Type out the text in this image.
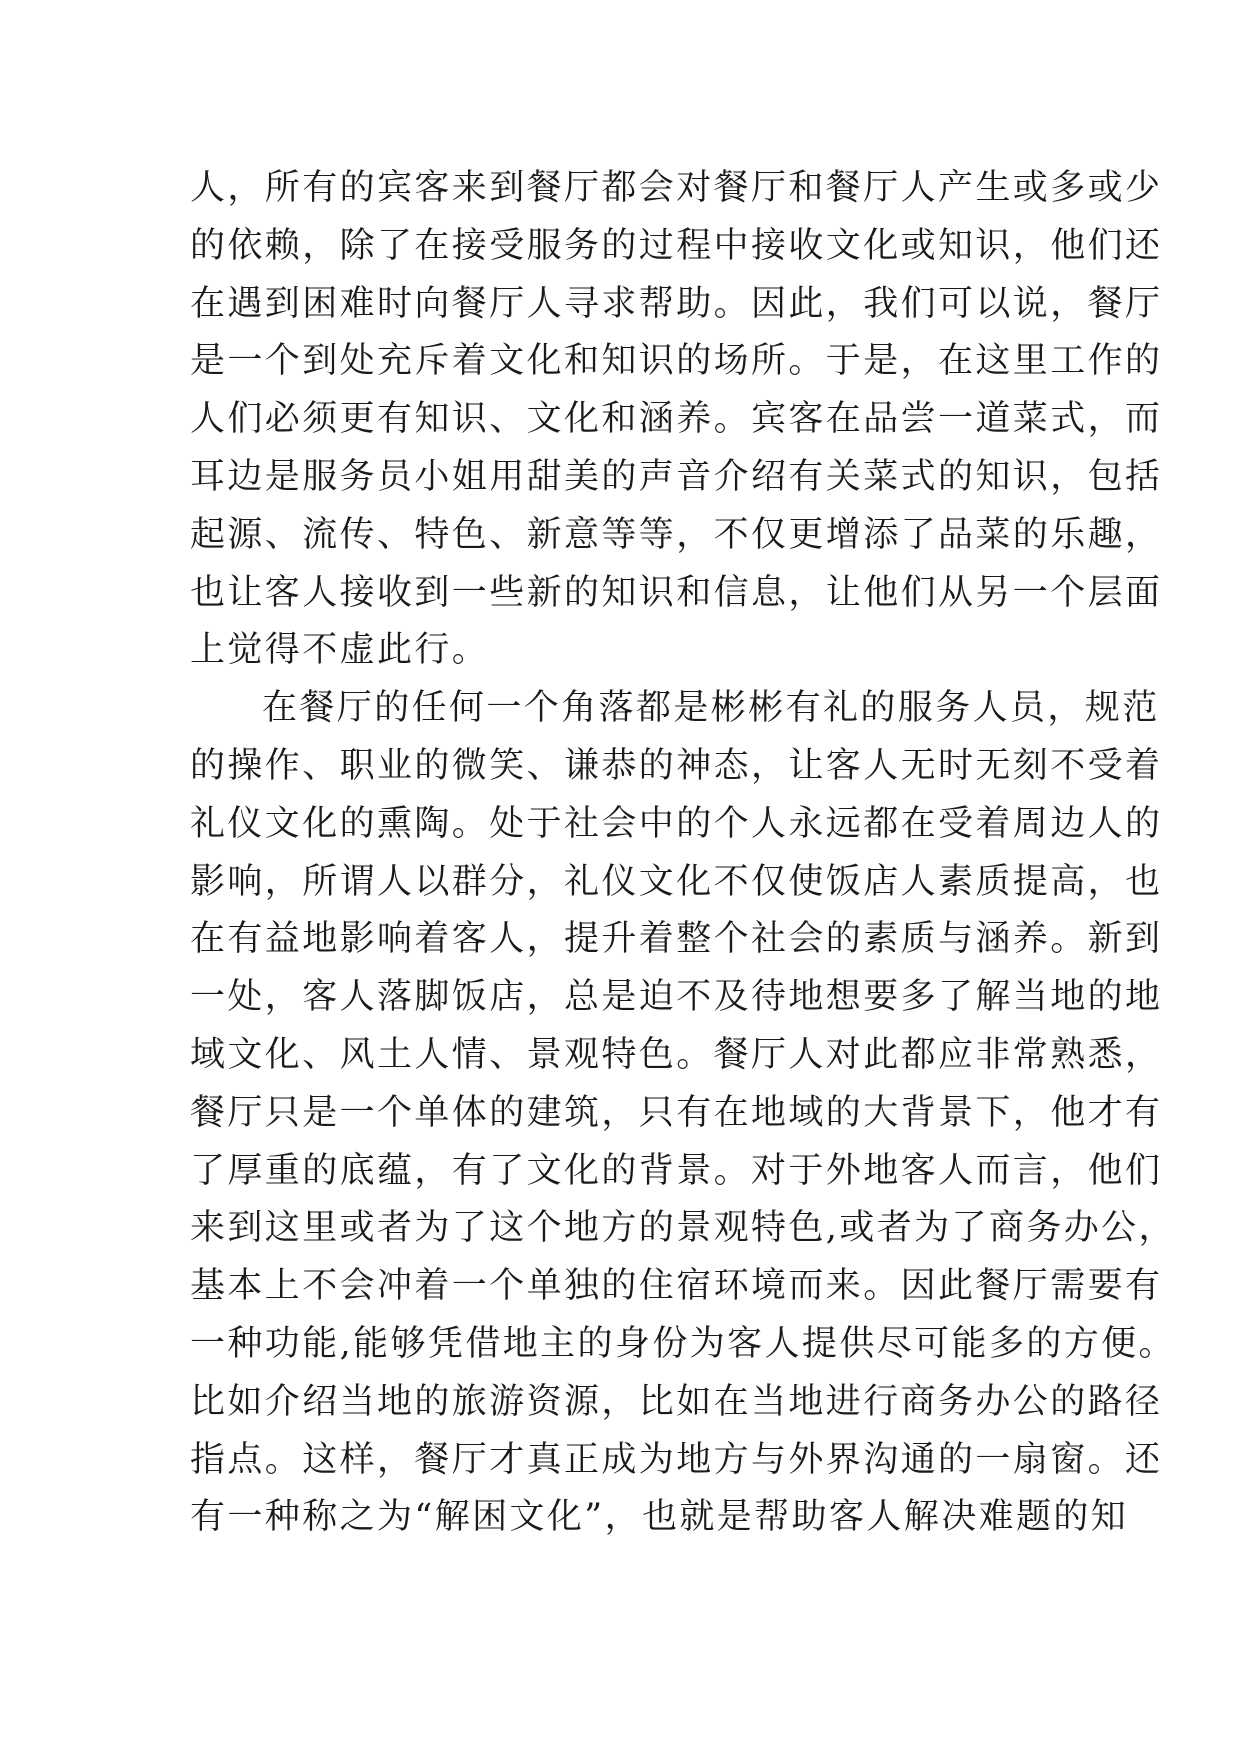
人，所有的宾客来到餐厅都会对餐厅和餐厅人产生或多或少
的依赖，除了在接受服务的过程中接收文化或知识，他们还
在遇到困难时向餐厅人寻求帮助。因此，我们可以说，餐厅
是一个到处充斥着文化和知识的场所。于是，在这里工作的
人们必须更有知识、文化和涵养。宾客在品尝一道菜式，而
耳边是服务员小姐用甜美的声音介绍有关菜式的知识，包括
起源、流传、特色、新意等等，不仅更增添了品菜的乐趣，
也让客人接收到一些新的知识和信息，让他们从另一个层面
上觉得不虚此行。
在餐厅的任何一个角落都是彬彬有礼的服务人员，规范
的操作、职业的微笑、谦恭的神态，让客人无时无刻不受着
礼仪文化的熏陶。处于社会中的个人永远都在受着周边人的
影响，所谓人以群分，礼仪文化不仅使饭店人素质提高，也
在有益地影响着客人，提升着整个社会的素质与涵养。新到
一处，客人落脚饭店，总是迫不及待地想要多了解当地的地
域文化、风土人情、景观特色。餐厅人对此都应非常熟悉，
餐厅只是一个单体的建筑，只有在地域的大背景下，他才有
了厚重的底蕴，有了文化的背景。对于外地客人而言，他们
来到这里或者为了这个地方的景观特色,或者为了商务办公，
基本上不会冲着一个单独的住宿环境而来。因此餐厅需要有
一种功能,能够凭借地主的身份为客人提供尽可能多的方便。
比如介绍当地的旅游资源，比如在当地进行商务办公的路径
指点。这样，餐厅才真正成为地方与外界沟通的一扇窗。还
有一种称之为“解困文化”，也就是帮助客人解决难题的知
